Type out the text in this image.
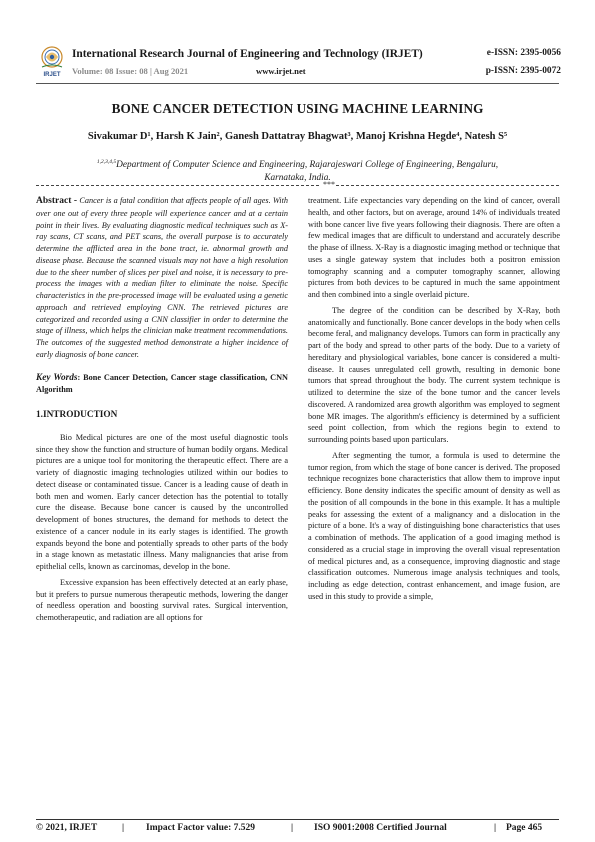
IRJET
International Research Journal of Engineering and Technology (IRJET)	e-ISSN: 2395-0056
Volume: 08 Issue: 08 | Aug 2021	www.irjet.net	p-ISSN: 2395-0072
BONE CANCER DETECTION USING MACHINE LEARNING
Sivakumar D¹, Harsh K Jain², Ganesh Dattatray Bhagwat³, Manoj Krishna Hegde⁴, Natesh S⁵
$^{1,2,3,4,5}$Department of Computer Science and Engineering, Rajarajeswari College of Engineering, Bengaluru, Karnataka, India.
***

Abstract - Cancer is a fatal condition that affects people of all ages. With over one out of every three people will experience cancer and at a certain point in their lives. By evaluating diagnostic medical techniques such as X-ray scans, CT scans, and PET scans, the overall purpose is to accurately determine the afflicted area in the bone tract, ie. abnormal growth and disease phase. Because the scanned visuals may not have a high resolution due to the sheer number of slices per pixel and noise, it is necessary to pre-process the images with a median filter to eliminate the noise. Specific characteristics in the pre-processed image will be evaluated using a genetic approach and retrieved employing CNN. The retrieved pictures are categorized and recorded using a CNN classifier in order to determine the stage of illness, which helps the clinician make treatment recommendations. The outcomes of the suggested method demonstrate a higher incidence of early diagnosis of bone cancer.

Key Words: Bone Cancer Detection, Cancer stage classification, CNN Algorithm

1.INTRODUCTION

Bio Medical pictures are one of the most useful diagnostic tools since they show the function and structure of human bodily organs. Medical pictures are a unique tool for monitoring the therapeutic effect. There are a variety of diagnostic imaging technologies utilized within our bodies to detect disease or contaminated tissue. Cancer is a leading cause of death in both men and women. Early cancer detection has the potential to totally cure the disease. Because bone cancer is caused by the uncontrolled development of bones structures, the demand for methods to detect the existence of a cancer nodule in its early stages is identified. The growth expands beyond the bone and potentially spreads to other parts of the body in a stage known as metastatic illness. Many malignancies that arise from epithelial cells, known as carcinomas, develop in the bone.

Excessive expansion has been effectively detected at an early phase, but it prefers to pursue numerous therapeutic methods, lowering the danger of needless operation and boosting survival rates. Surgical intervention, chemotherapeutic, and radiation are all options for

treatment. Life expectancies vary depending on the kind of cancer, overall health, and other factors, but on average, around 14% of individuals treated with bone cancer live five years following their diagnosis. There are often a few medical images that are difficult to understand and accurately describe the phase of illness. X-Ray is a diagnostic imaging method or technique that uses a single gateway system that includes both a positron emission tomography scanning and a computer tomography scanner, allowing pictures from both devices to be captured in much the same appointment and then combined into a single overlaid picture.

The degree of the condition can be described by X-Ray, both anatomically and functionally. Bone cancer develops in the body when cells become feral, and malignancy develops. Tumors can form in practically any part of the body and spread to other parts of the body. Due to a variety of hereditary and physiological variables, bone cancer is considered a multi-disease. It causes unregulated cell growth, resulting in demonic bone tumors that spread throughout the body. The current system technique is utilized to determine the size of the bone tumor and the cancer levels discovered. A randomized area growth algorithm was employed to segment bone MR images. The algorithm's efficiency is determined by a sufficient seed point collection, from which the regions begin to extend to surrounding points based upon particulars.

After segmenting the tumor, a formula is used to determine the tumor region, from which the stage of bone cancer is derived. The proposed technique recognizes bone characteristics that allow them to improve input efficiency. Bone density indicates the specific amount of density as well as the position of all compounds in the bone in this example. It has a multiple peaks for assessing the extent of a malignancy and a dislocation in the picture of a bone. It's a way of distinguishing bone characteristics that uses a combination of methods. The application of a good imaging method is considered as a crucial stage in improving the overall visual representation of medical pictures and, as a consequence, improving diagnostic and stage classification outcomes. Numerous image analysis techniques and tools, including as edge detection, contrast enhancement, and image fusion, are used in this study to provide a simple,

© 2021, IRJET	| Impact Factor value: 7.529	| ISO 9001:2008 Certified Journal	| Page 465
